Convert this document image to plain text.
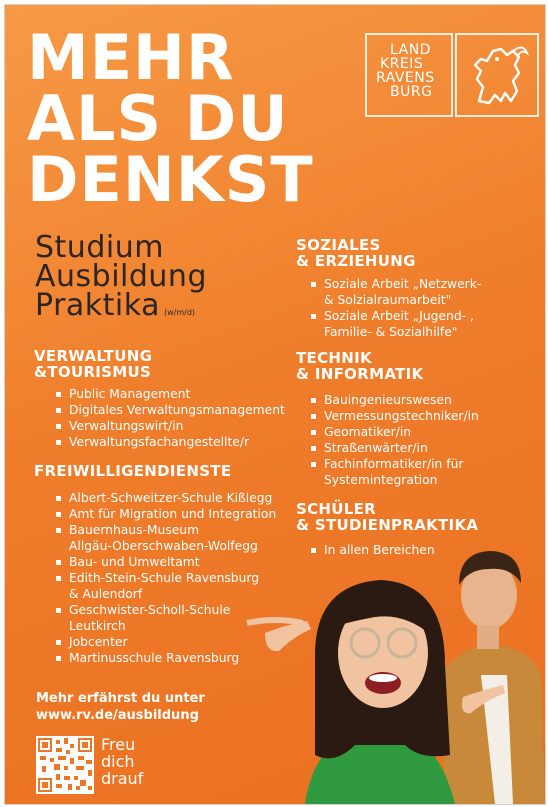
MEHR
ALS DU
DENKST
LAND
KREIS
RAVENS
BURG
Studium
Ausbildung
Praktika (w/m/d)
VERWALTUNG
&TOURISMUS
Public Management
Digitales Verwaltungsmanagement
Verwaltungswirt/in
Verwaltungsfachangestellte/r
FREIWILLIGENDIENSTE
Albert-Schweitzer-Schule Kißlegg
Amt für Migration und Integration
Bauernhaus-Museum
Allgäu-Oberschwaben-Wolfegg
Bau- und Umweltamt
Edith-Stein-Schule Ravensburg
& Aulendorf
Geschwister-Scholl-Schule
Leutkirch
Jobcenter
Martinusschule Ravensburg
SOZIALES
& ERZIEHUNG
Soziale Arbeit „Netzwerk-
& Solzialraumarbeit"
Soziale Arbeit „Jugend- ,
Familie- & Sozialhilfe"
TECHNIK
& INFORMATIK
Bauingenieurswesen
Vermessungstechniker/in
Geomatiker/in
Straßenwärter/in
Fachinformatiker/in für
Systemintegration
SCHÜLER
& STUDIENPRAKTIKA
In allen Bereichen
Mehr erfährst du unter
www.rv.de/ausbildung
Freu
dich
drauf
